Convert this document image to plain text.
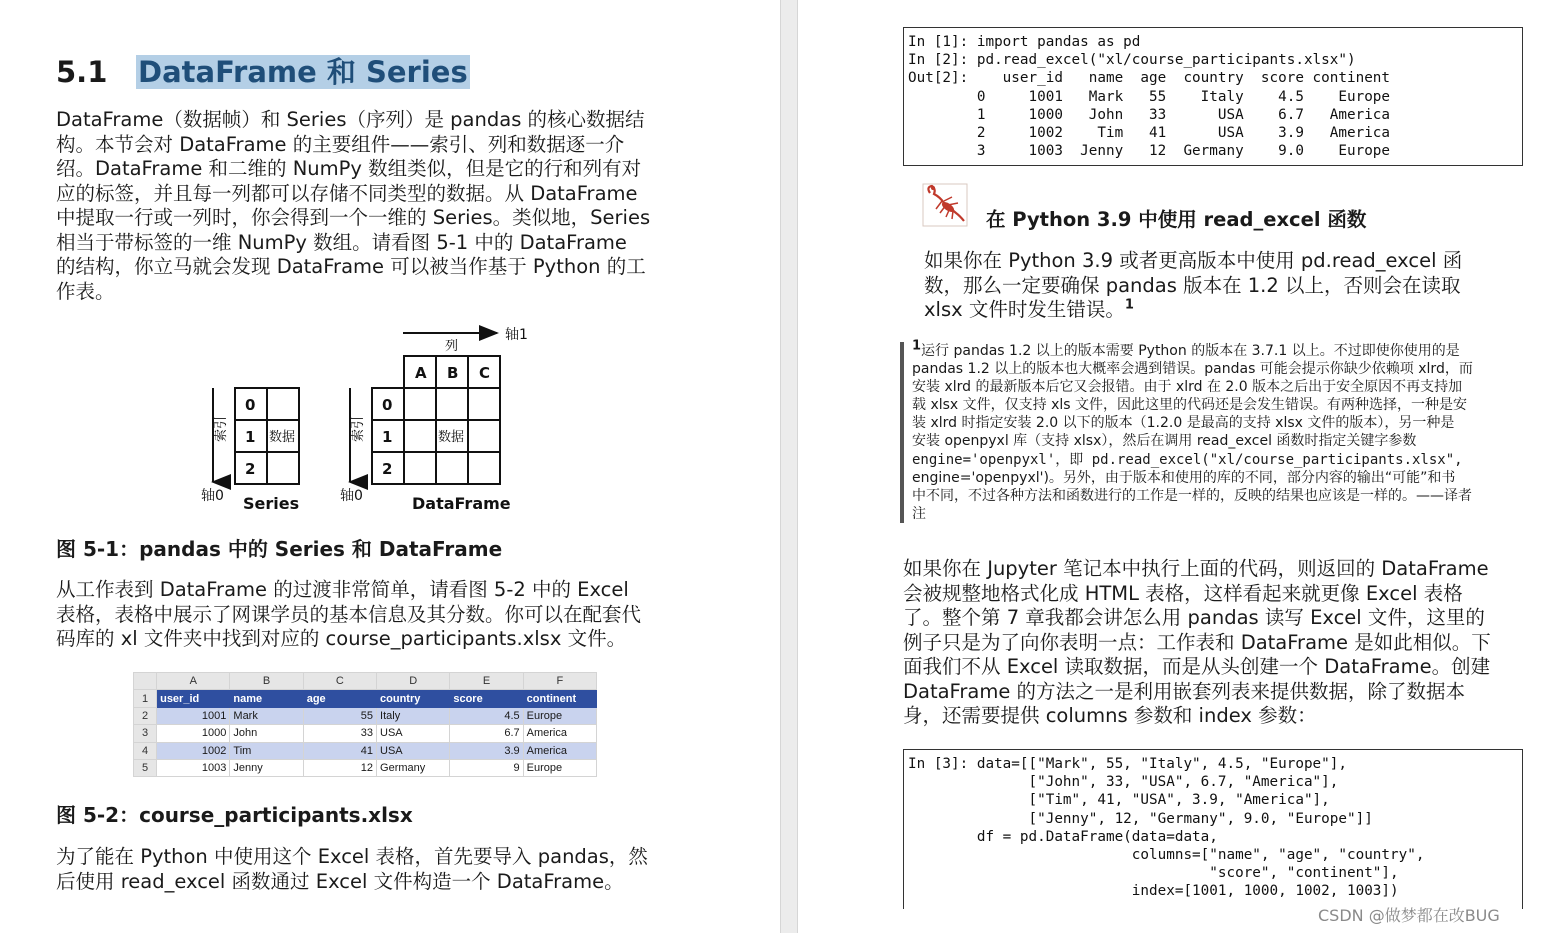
5.1 DataFrame 和 Series

DataFrame（数据帧）和 Series（序列）是 pandas 的核心数据结
构。本节会对 DataFrame 的主要组件——索引、列和数据逐一介
绍。DataFrame 和二维的 NumPy 数组类似，但是它的行和列有对
应的标签，并且每一列都可以存储不同类型的数据。从 DataFrame
中提取一行或一列时，你会得到一个一维的 Series。类似地，Series
相当于带标签的一维 NumPy 数组。请看图 5-1 中的 DataFrame
的结构，你立马就会发现 DataFrame 可以被当作基于 Python 的工
作表。

轴1
列
索引
轴0
0
1
2
数据
Series
索引
轴0
A B C
0
1
2
数据
DataFrame
图 5-1：pandas 中的 Series 和 DataFrame

从工作表到 DataFrame 的过渡非常简单，请看图 5-2 中的 Excel
表格，表格中展示了网课学员的基本信息及其分数。你可以在配套代
码库的 xl 文件夹中找到对应的 course_participants.xlsx 文件。

	A	B	C	D	E	F
1	user_id	name	age	country	score	continent
2	1001	Mark	55	Italy	4.5	Europe
3	1000	John	33	USA	6.7	America
4	1002	Tim	41	USA	3.9	America
5	1003	Jenny	12	Germany	9	Europe
图 5-2：course_participants.xlsx

为了能在 Python 中使用这个 Excel 表格，首先要导入 pandas，然
后使用 read_excel 函数通过 Excel 文件构造一个 DataFrame。

In [1]: import pandas as pd
In [2]: pd.read_excel("xl/course_participants.xlsx")
Out[2]:    user_id   name  age  country  score continent
0     1001   Mark   55    Italy    4.5    Europe
1     1000   John   33      USA    6.7   America
2     1002    Tim   41      USA    3.9   America
3     1003  Jenny   12  Germany    9.0    Europe
在 Python 3.9 中使用 read_excel 函数

如果你在 Python 3.9 或者更高版本中使用 pd.read_excel 函
数，那么一定要确保 pandas 版本在 1.2 以上，否则会在读取
xlsx 文件时发生错误。$^1$

1运行 pandas 1.2 以上的版本需要 Python 的版本在 3.7.1 以上。不过即使你使用的是
pandas 1.2 以上的版本也大概率会遇到错误。pandas 可能会提示你缺少依赖项 xlrd，而
安装 xlrd 的最新版本后它又会报错。由于 xlrd 在 2.0 版本之后出于安全原因不再支持加
载 xlsx 文件，仅支持 xls 文件，因此这里的代码还是会发生错误。有两种选择，一种是安
装 xlrd 时指定安装 2.0 以下的版本（1.2.0 是最高的支持 xlsx 文件的版本），另一种是
安装 openpyxl 库（支持 xlsx），然后在调用 read_excel 函数时指定关键字参数
engine='openpyxl'，即 pd.read_excel("xl/course_participants.xlsx",
engine='openpyxl')。另外，由于版本和使用的库的不同，部分内容的输出“可能”和书
中不同，不过各种方法和函数进行的工作是一样的，反映的结果也应该是一样的。——译者
注

如果你在 Jupyter 笔记本中执行上面的代码，则返回的 DataFrame
会被规整地格式化成 HTML 表格，这样看起来就更像 Excel 表格
了。整个第 7 章我都会讲怎么用 pandas 读写 Excel 文件，这里的
例子只是为了向你表明一点：工作表和 DataFrame 是如此相似。下
面我们不从 Excel 读取数据，而是从头创建一个 DataFrame。创建
DataFrame 的方法之一是利用嵌套列表来提供数据，除了数据本
身，还需要提供 columns 参数和 index 参数：

In [3]: data=[["Mark", 55, "Italy", 4.5, "Europe"],
["John", 33, "USA", 6.7, "America"],
["Tim", 41, "USA", 3.9, "America"],
["Jenny", 12, "Germany", 9.0, "Europe"]]
df = pd.DataFrame(data=data,
columns=["name", "age", "country",
"score", "continent"],
index=[1001, 1000, 1002, 1003])
CSDN @做梦都在改BUG
